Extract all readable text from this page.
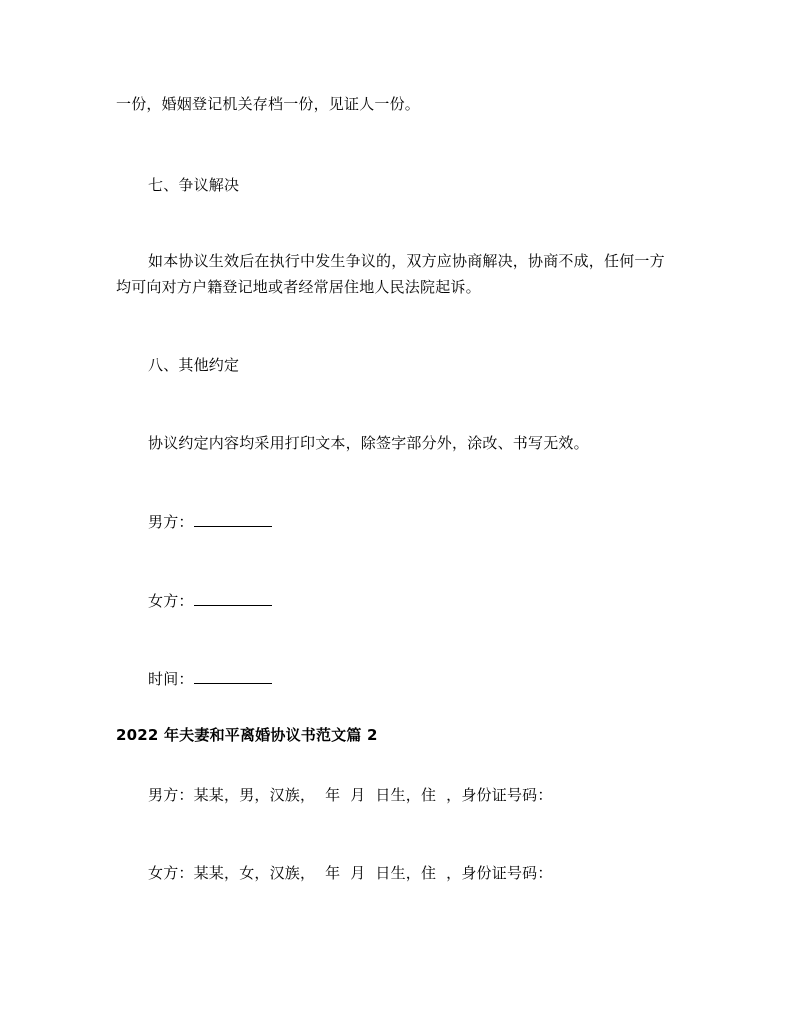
一份，婚姻登记机关存档一份，见证人一份。
七、争议解决
如本协议生效后在执行中发生争议的，双方应协商解决，协商不成，任何一方
均可向对方户籍登记地或者经常居住地人民法院起诉。
八、其他约定
协议约定内容均采用打印文本，除签字部分外，涂改、书写无效。
男方：
女方：
时间：
2022 年夫妻和平离婚协议书范文篇 2
男方：某某，男，汉族，  年  月  日生，住  ，身份证号码：
女方：某某，女，汉族，  年  月  日生，住  ，身份证号码：
